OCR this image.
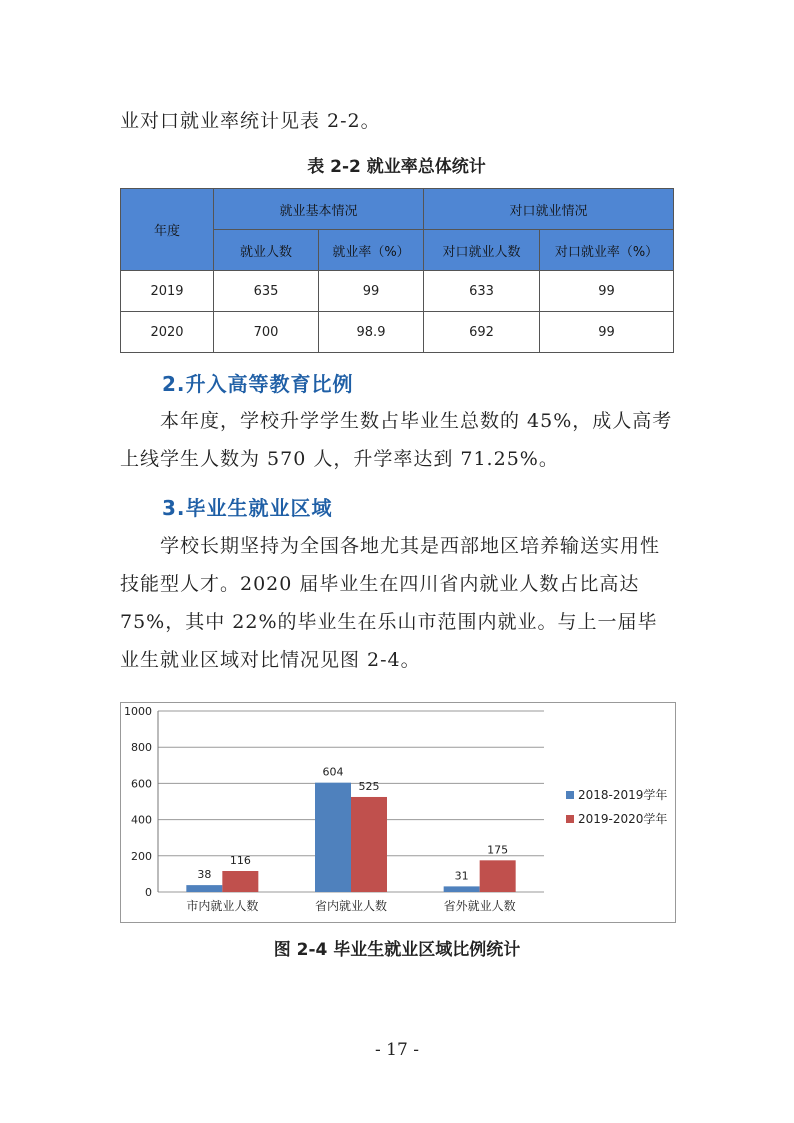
业对口就业率统计见表 2-2。

表 2-2 就业率总体统计
年度	就业基本情况		对口就业情况	
	就业人数	就业率（%）	对口就业人数	对口就业率（%）
2019	635	99	633	99
2020	700	98.9	692	99
2.升入高等教育比例

本年度，学校升学学生数占毕业生总数的 45%，成人高考上线学生人数为 570 人，升学率达到 71.25%。

3.毕业生就业区域

学校长期坚持为全国各地尤其是西部地区培养输送实用性技能型人才。2020 届毕业生在四川省内就业人数占比高达 75%，其中 22%的毕业生在乐山市范围内就业。与上一届毕业生就业区域对比情况见图 2-4。

0
200
400
600
800
1000
38
116
市内就业人数
604
525
省内就业人数
31
175
省外就业人数
2018-2019学年
2019-2020学年
图 2-4 毕业生就业区域比例统计
- 17 -
